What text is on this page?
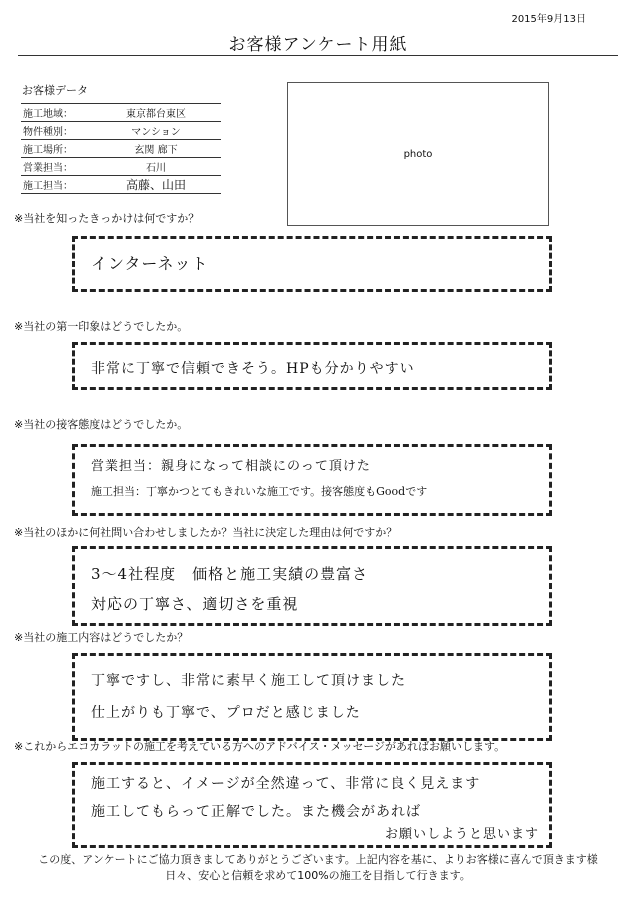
2015年9月13日
お客様アンケート用紙
お客様データ
施工地域：	東京都台東区
物件種別：	マンション
施工場所：	玄関 廊下
営業担当：	石川
施工担当：	高藤、山田
photo
※当社を知ったきっかけは何ですか？
インターネット
※当社の第一印象はどうでしたか。
非常に丁寧で信頼できそう。HPも分かりやすい
※当社の接客態度はどうでしたか。
営業担当：親身になって相談にのって頂けた
施工担当：丁寧かつとてもきれいな施工です。接客態度もGoodです
※当社のほかに何社問い合わせしましたか？当社に決定した理由は何ですか？
3〜4社程度　価格と施工実績の豊富さ
対応の丁寧さ、適切さを重視
※当社の施工内容はどうでしたか？
丁寧ですし、非常に素早く施工して頂けました
仕上がりも丁寧で、プロだと感じました
※これからエコカラットの施工を考えている方へのアドバイス・メッセージがあればお願いします。
施工すると、イメージが全然違って、非常に良く見えます
施工してもらって正解でした。また機会があれば
お願いしようと思います
この度、アンケートにご協力頂きましてありがとうございます。上記内容を基に、よりお客様に喜んで頂きます様
日々、安心と信頼を求めて100%の施工を目指して行きます。
